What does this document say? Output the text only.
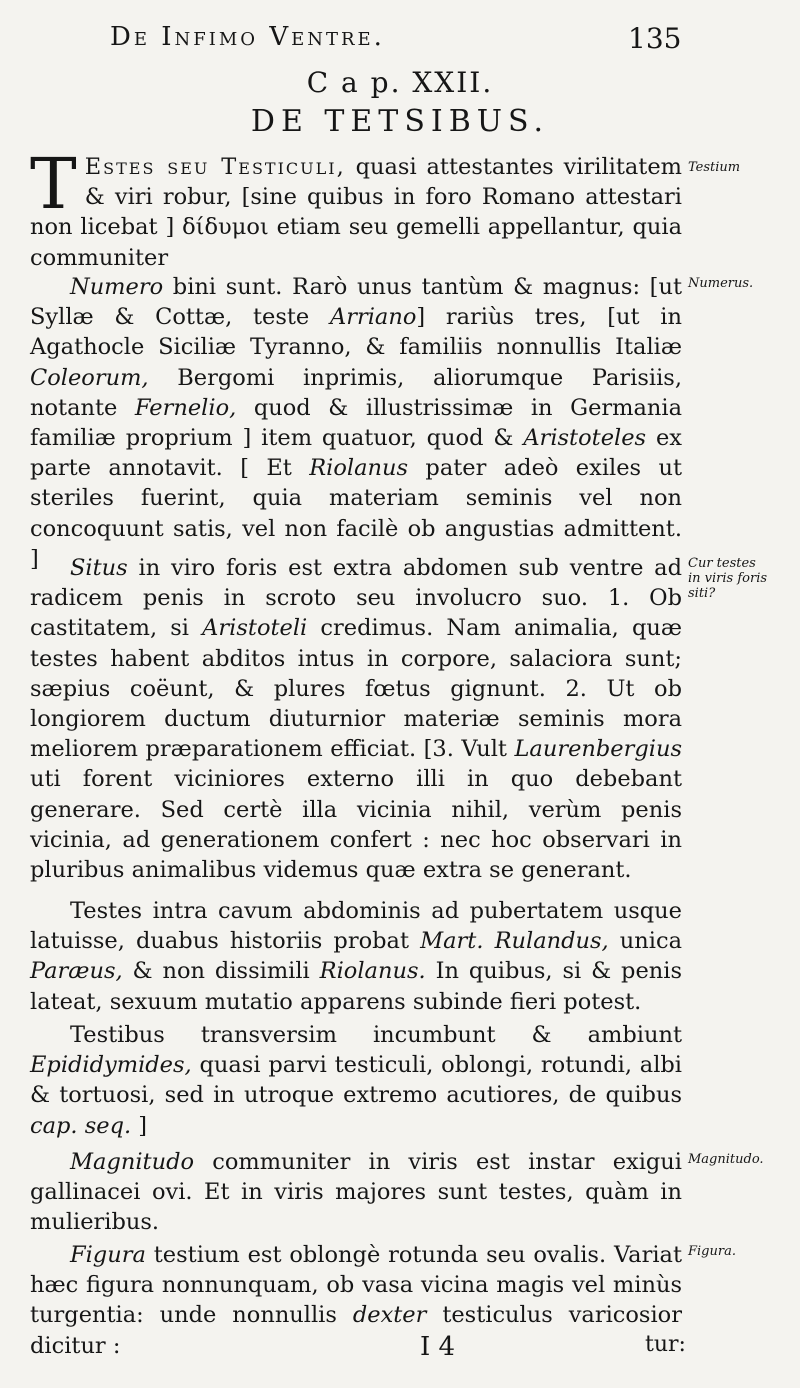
De Infimo Ventre.	135
C a p. XXII.
DE TETSIBUS.

T Estes seu Testiculi, quasi attestantes virilitatem & viri robur, [sine quibus in foro Romano attestari non licebat ] δίδυμοι etiam seu gemelli appellantur, quia communiter

Numero bini sunt. Rarò unus tantùm & magnus: [ut Syllæ & Cottæ, teste Arriano] rariùs tres, [ut in Agathocle Siciliæ Tyranno, & familiis nonnullis Italiæ Coleorum, Bergomi inprimis, aliorumque Parisiis, notante Fernelio, quod & illustrissimæ in Germania familiæ proprium ] item quatuor, quod & Aristoteles ex parte annotavit. [ Et Riolanus pater adeò exiles ut steriles fuerint, quia materiam seminis vel non concoquunt satis, vel non facilè ob angustias admittent. ]	Situs in viro foris est extra abdomen sub ventre ad radicem penis in scroto seu involucro suo. 1. Ob castitatem, si Aristoteli credimus. Nam animalia, quæ testes habent abditos intus in corpore, salaciora sunt; sæpius coëunt, & plures fœtus gignunt. 2. Ut ob longiorem ductum diuturnior materiæ seminis mora meliorem præparationem efficiat. [3. Vult Laurenbergius uti forent viciniores externo illi in quo debebant generare. Sed certè illa vicinia nihil, verùm penis vicinia, ad generationem confert : nec hoc observari in pluribus animalibus videmus quæ extra se generant.

Testes intra cavum abdominis ad pubertatem usque latuisse, duabus historiis probat Mart. Rulandus, unica Paræus, & non dissimili Riolanus. In quibus, si & penis lateat, sexuum mutatio apparens subinde fieri potest.

Testibus transversim incumbunt & ambiunt Epididymides, quasi parvi testiculi, oblongi, rotundi, albi & tortuosi, sed in utroque extremo acutiores, de quibus cap. seq. ]

Magnitudo communiter in viris est instar exigui gallinacei ovi. Et in viris majores sunt testes, quàm in mulieribus.

Figura testium est oblongè rotunda seu ovalis. Variat hæc figura nonnunquam, ob vasa vicina magis vel minùs turgentia: unde nonnullis dexter testiculus varicosior dicitur :

Testium
Numerus.
Cur testes in viris foris siti?
Magnitudo.
Figura.
I 4	tur:
